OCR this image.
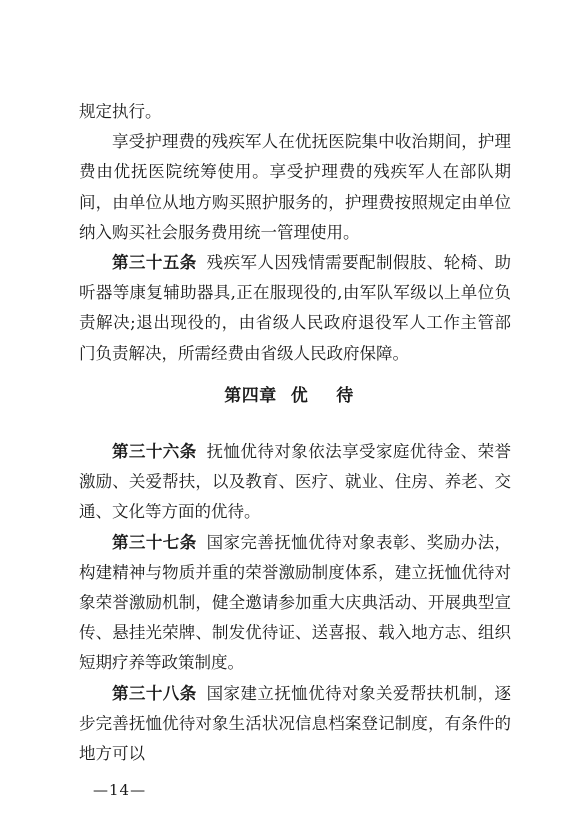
规定执行。

享受护理费的残疾军人在优抚医院集中收治期间，护理费由优抚医院统筹使用。享受护理费的残疾军人在部队期间，由单位从地方购买照护服务的，护理费按照规定由单位纳入购买社会服务费用统一管理使用。

第三十五条 残疾军人因残情需要配制假肢、轮椅、助听器等康复辅助器具,正在服现役的,由军队军级以上单位负责解决;退出现役的，由省级人民政府退役军人工作主管部门负责解决，所需经费由省级人民政府保障。

第四章 优 待

第三十六条 抚恤优待对象依法享受家庭优待金、荣誉激励、关爱帮扶，以及教育、医疗、就业、住房、养老、交通、文化等方面的优待。

第三十七条 国家完善抚恤优待对象表彰、奖励办法，构建精神与物质并重的荣誉激励制度体系，建立抚恤优待对象荣誉激励机制，健全邀请参加重大庆典活动、开展典型宣传、悬挂光荣牌、制发优待证、送喜报、载入地方志、组织短期疗养等政策制度。

第三十八条 国家建立抚恤优待对象关爱帮扶机制，逐步完善抚恤优待对象生活状况信息档案登记制度，有条件的地方可以

—14—
